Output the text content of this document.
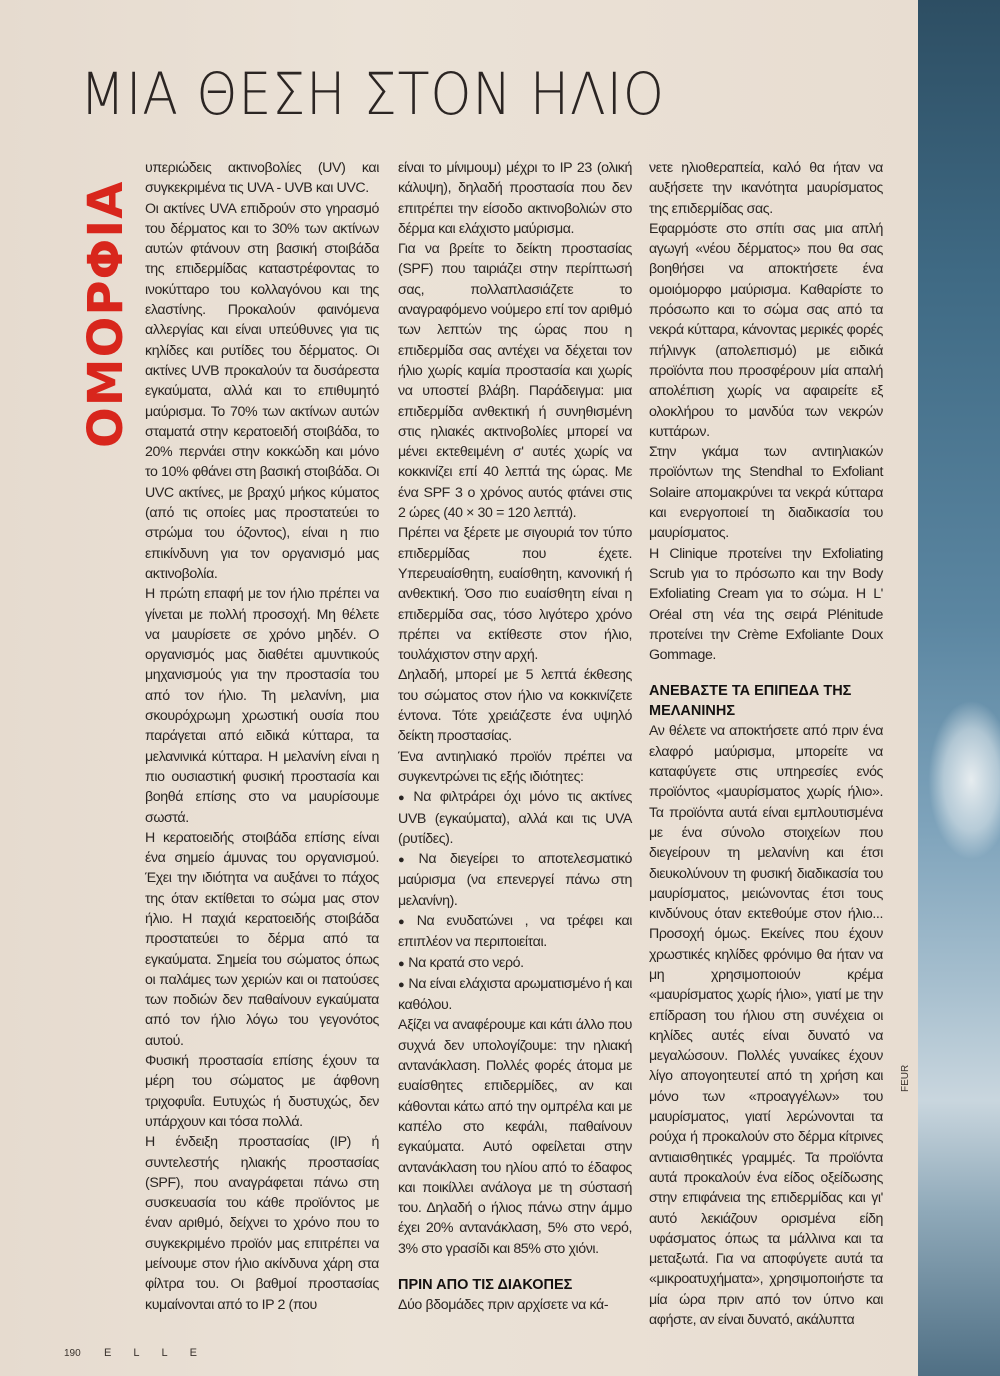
ΜΙΑ ΘΕΣΗ ΣΤΟΝ ΗΛΙΟ
ΟΜΟΡΦΙΑ

υπεριώδεις ακτινοβολίες (UV) και συγκεκριμένα τις UVA - UVB και UVC.

Οι ακτίνες UVA επιδρούν στο γηρασμό του δέρματος και το 30% των ακτίνων αυτών φτάνουν στη βασική στοιβάδα της επιδερμίδας καταστρέφοντας το ινοκύτταρο του κολλαγόνου και της ελαστίνης. Προκαλούν φαινόμενα αλλεργίας και είναι υπεύθυνες για τις κηλίδες και ρυτίδες του δέρματος. Οι ακτίνες UVB προκαλούν τα δυσάρεστα εγκαύματα, αλλά και το επιθυμητό μαύρισμα. Το 70% των ακτίνων αυτών σταματά στην κερατοειδή στοιβάδα, το 20% περνάει στην κοκκώδη και μόνο το 10% φθάνει στη βασική στοιβάδα. Οι UVC ακτίνες, με βραχύ μήκος κύματος (από τις οποίες μας προστατεύει το στρώμα του όζοντος), είναι η πιο επικίνδυνη για τον οργανισμό μας ακτινοβολία.

Η πρώτη επαφή με τον ήλιο πρέπει να γίνεται με πολλή προσοχή. Μη θέλετε να μαυρίσετε σε χρόνο μηδέν. Ο οργανισμός μας διαθέτει αμυντικούς μηχανισμούς για την προστασία του από τον ήλιο. Τη μελανίνη, μια σκουρόχρωμη χρωστική ουσία που παράγεται από ειδικά κύτταρα, τα μελανινικά κύτταρα. Η μελανίνη είναι η πιο ουσιαστική φυσική προστασία και βοηθά επίσης στο να μαυρίσουμε σωστά.

Η κερατοειδής στοιβάδα επίσης είναι ένα σημείο άμυνας του οργανισμού. Έχει την ιδιότητα να αυξάνει το πάχος της όταν εκτίθεται το σώμα μας στον ήλιο. Η παχιά κερατοειδής στοιβάδα προστατεύει το δέρμα από τα εγκαύματα. Σημεία του σώματος όπως οι παλάμες των χεριών και οι πατούσες των ποδιών δεν παθαίνουν εγκαύματα από τον ήλιο λόγω του γεγονότος αυτού.

Φυσική προστασία επίσης έχουν τα μέρη του σώματος με άφθονη τριχοφυΐα. Ευτυχώς ή δυστυχώς, δεν υπάρχουν και τόσα πολλά.

Η ένδειξη προστασίας (IP) ή συντελεστής ηλιακής προστασίας (SPF), που αναγράφεται πάνω στη συσκευασία του κάθε προϊόντος με έναν αριθμό, δείχνει το χρόνο που το συγκεκριμένο προϊόν μας επιτρέπει να μείνουμε στον ήλιο ακίνδυνα χάρη στα φίλτρα του. Οι βαθμοί προστασίας κυμαίνονται από το IP 2 (που

είναι το μίνιμουμ) μέχρι το IP 23 (ολική κάλυψη), δηλαδή προστασία που δεν επιτρέπει την είσοδο ακτινοβολιών στο δέρμα και ελάχιστο μαύρισμα.

Για να βρείτε το δείκτη προστασίας (SPF) που ταιριάζει στην περίπτωσή σας, πολλαπλασιάζετε το αναγραφόμενο νούμερο επί τον αριθμό των λεπτών της ώρας που η επιδερμίδα σας αντέχει να δέχεται τον ήλιο χωρίς καμία προστασία και χωρίς να υποστεί βλάβη. Παράδειγμα: μια επιδερμίδα ανθεκτική ή συνηθισμένη στις ηλιακές ακτινοβολίες μπορεί να μένει εκτεθειμένη σ' αυτές χωρίς να κοκκινίζει επί 40 λεπτά της ώρας. Με ένα SPF 3 ο χρόνος αυτός φτάνει στις 2 ώρες (40 × 30 = 120 λεπτά).

Πρέπει να ξέρετε με σιγουριά τον τύπο επιδερμίδας που έχετε. Υπερευαίσθητη, ευαίσθητη, κανονική ή ανθεκτική. Όσο πιο ευαίσθητη είναι η επιδερμίδα σας, τόσο λιγότερο χρόνο πρέπει να εκτίθεστε στον ήλιο, τουλάχιστον στην αρχή.

Δηλαδή, μπορεί με 5 λεπτά έκθεσης του σώματος στον ήλιο να κοκκινίζετε έντονα. Τότε χρειάζεστε ένα υψηλό δείκτη προστασίας.

Ένα αντιηλιακό προϊόν πρέπει να συγκεντρώνει τις εξής ιδιότητες:

● Να φιλτράρει όχι μόνο τις ακτίνες UVB (εγκαύματα), αλλά και τις UVA (ρυτίδες).
● Να διεγείρει το αποτελεσματικό μαύρισμα (να επενεργεί πάνω στη μελανίνη).
● Να ενυδατώνει , να τρέφει και επιπλέον να περιποιείται.
● Να κρατά στο νερό.
● Να είναι ελάχιστα αρωματισμένο ή και καθόλου.

Αξίζει να αναφέρουμε και κάτι άλλο που συχνά δεν υπολογίζουμε: την ηλιακή αντανάκλαση. Πολλές φορές άτομα με ευαίσθητες επιδερμίδες, αν και κάθονται κάτω από την ομπρέλα και με καπέλο στο κεφάλι, παθαίνουν εγκαύματα. Αυτό οφείλεται στην αντανάκλαση του ηλίου από το έδαφος και ποικίλλει ανάλογα με τη σύστασή του. Δηλαδή ο ήλιος πάνω στην άμμο έχει 20% αντανάκλαση, 5% στο νερό, 3% στο γρασίδι και 85% στο χιόνι.

ΠΡΙΝ ΑΠΟ ΤΙΣ ΔΙΑΚΟΠΕΣ

Δύο βδομάδες πριν αρχίσετε να κά-

νετε ηλιοθεραπεία, καλό θα ήταν να αυξήσετε την ικανότητα μαυρίσματος της επιδερμίδας σας.

Εφαρμόστε στο σπίτι σας μια απλή αγωγή «νέου δέρματος» που θα σας βοηθήσει να αποκτήσετε ένα ομοιόμορφο μαύρισμα. Καθαρίστε το πρόσωπο και το σώμα σας από τα νεκρά κύτταρα, κάνοντας μερικές φορές πήλινγκ (απολεπισμό) με ειδικά προϊόντα που προσφέρουν μία απαλή απολέπιση χωρίς να αφαιρείτε εξ ολοκλήρου το μανδύα των νεκρών κυττάρων.

Στην γκάμα των αντιηλιακών προϊόντων της Stendhal το Exfoliant Solaire απομακρύνει τα νεκρά κύτταρα και ενεργοποιεί τη διαδικασία του μαυρίσματος.

Η Clinique προτείνει την Exfoliating Scrub για το πρόσωπο και την Body Exfoliating Cream για το σώμα. Η L' Oréal στη νέα της σειρά Plénitude προτείνει την Crème Exfoliante Doux Gommage.

ΑΝΕΒΑΣΤΕ ΤΑ ΕΠΙΠΕΔΑ ΤΗΣ ΜΕΛΑΝΙΝΗΣ

Αν θέλετε να αποκτήσετε από πριν ένα ελαφρό μαύρισμα, μπορείτε να καταφύγετε στις υπηρεσίες ενός προϊόντος «μαυρίσματος χωρίς ήλιο». Τα προϊόντα αυτά είναι εμπλουτισμένα με ένα σύνολο στοιχείων που διεγείρουν τη μελανίνη και έτσι διευκολύνουν τη φυσική διαδικασία του μαυρίσματος, μειώνοντας έτσι τους κινδύνους όταν εκτεθούμε στον ήλιο... Προσοχή όμως. Εκείνες που έχουν χρωστικές κηλίδες φρόνιμο θα ήταν να μη χρησιμοποιούν κρέμα «μαυρίσματος χωρίς ήλιο», γιατί με την επίδραση του ήλιου στη συνέχεια οι κηλίδες αυτές είναι δυνατό να μεγαλώσουν. Πολλές γυναίκες έχουν λίγο απογοητευτεί από τη χρήση και μόνο των «προαγγέλων» του μαυρίσματος, γιατί λερώνονται τα ρούχα ή προκαλούν στο δέρμα κίτρινες αντιαισθητικές γραμμές. Τα προϊόντα αυτά προκαλούν ένα είδος οξείδωσης στην επιφάνεια της επιδερμίδας και γι' αυτό λεκιάζουν ορισμένα είδη υφάσματος όπως τα μάλλινα και τα μεταξωτά. Για να αποφύγετε αυτά τα «μικροατυχήματα», χρησιμοποιήστε τα μία ώρα πριν από τον ύπνο και αφήστε, αν είναι δυνατό, ακάλυπτα

190 ELLE
FEUR
